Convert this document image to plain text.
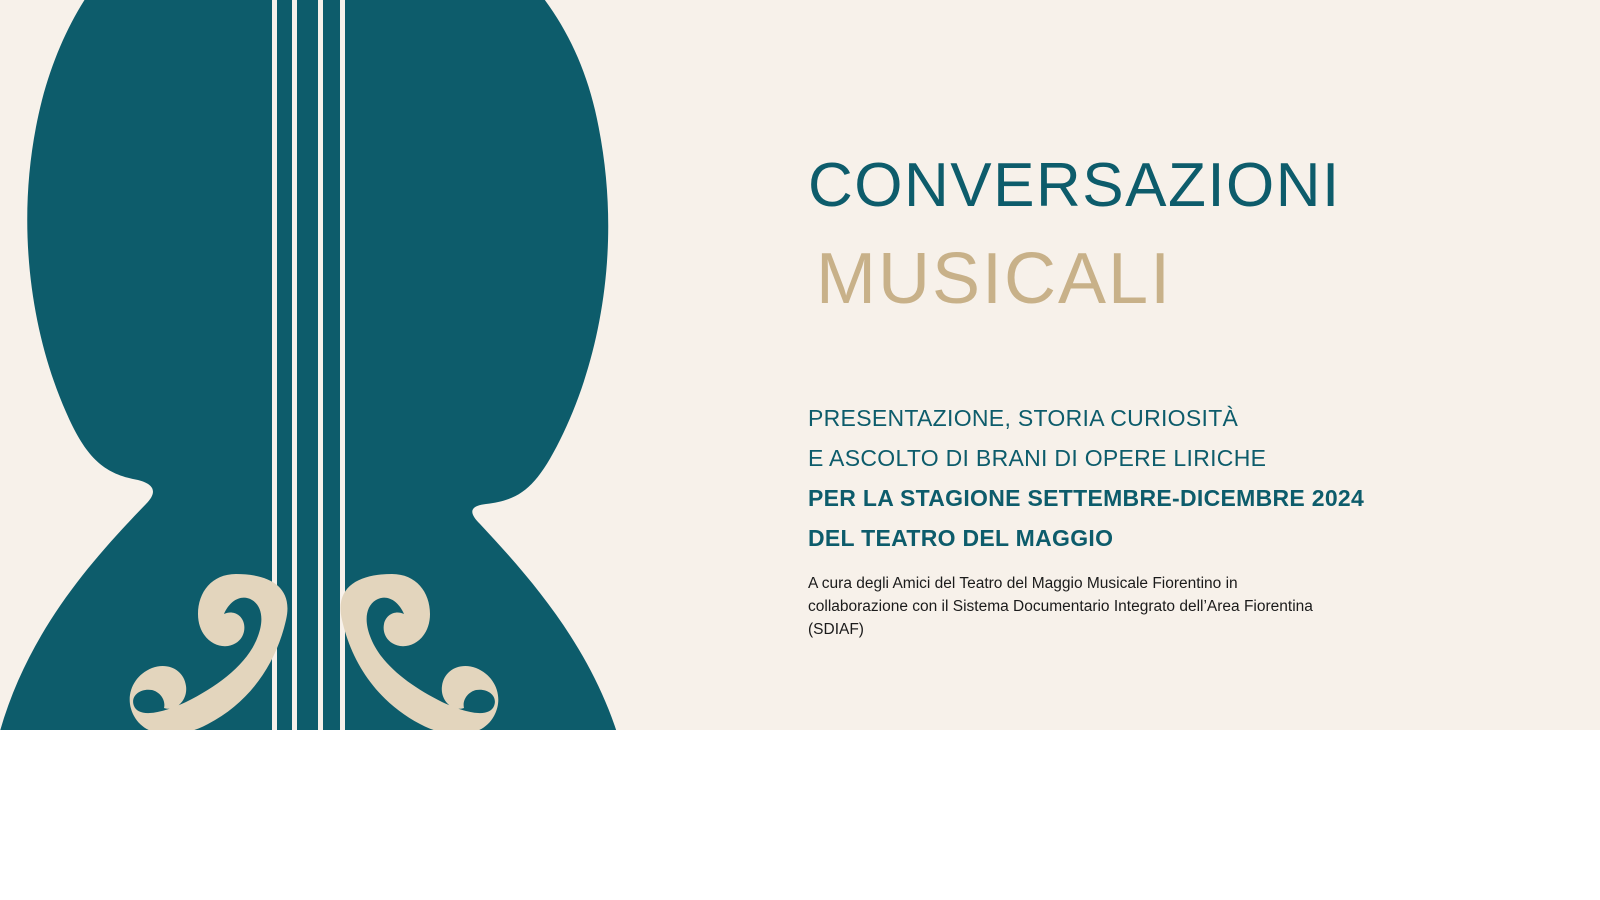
CONVERSAZIONI
MUSICALI
PRESENTAZIONE, STORIA CURIOSITÀ
E ASCOLTO DI BRANI DI OPERE LIRICHE
PER LA STAGIONE SETTEMBRE-DICEMBRE 2024
DEL TEATRO DEL MAGGIO
A cura degli Amici del Teatro del Maggio Musicale Fiorentino in collaborazione con il Sistema Documentario Integrato dell’Area Fiorentina (SDIAF)
